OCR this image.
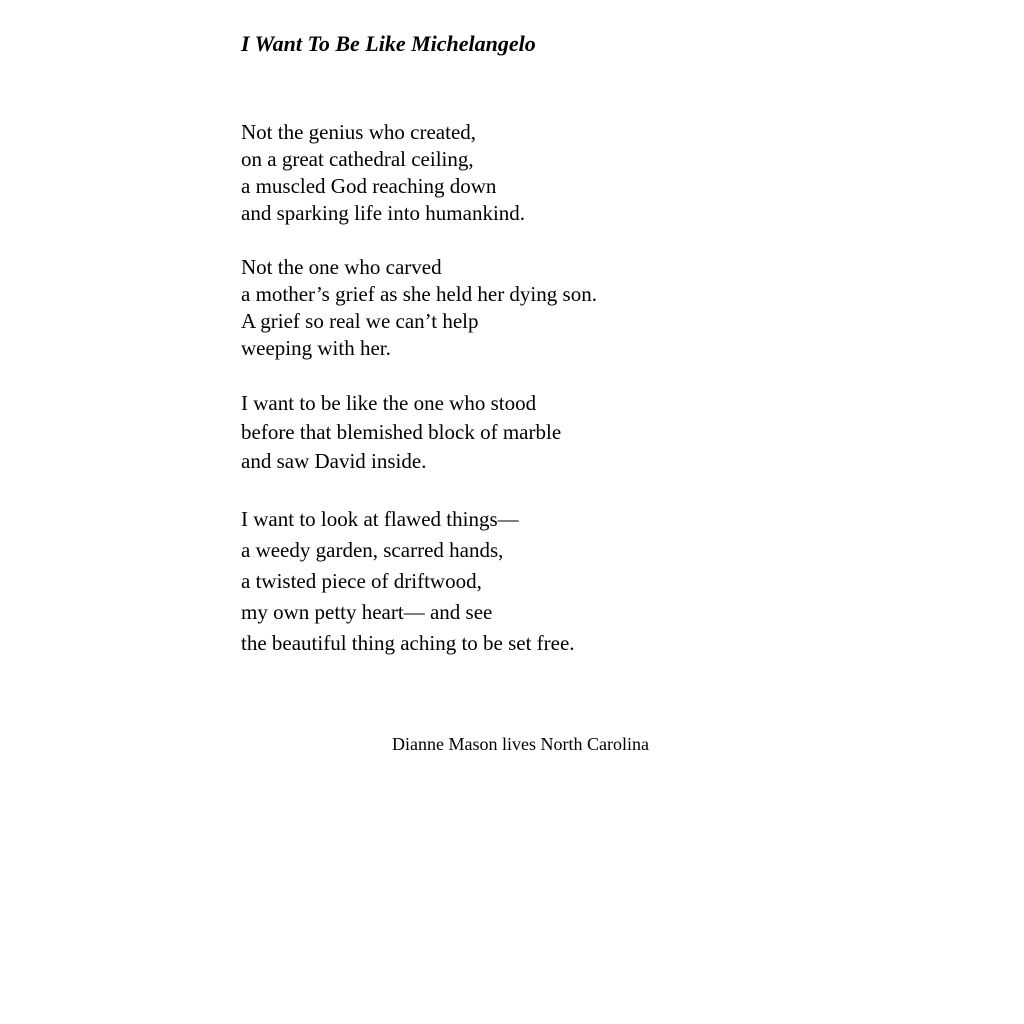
I Want To Be Like Michelangelo
Not the genius who created,
on a great cathedral ceiling,
a muscled God reaching down
and sparking life into humankind.
Not the one who carved
a mother’s grief as she held her dying son.
A grief so real we can’t help
weeping with her.
I want to be like the one who stood
before that blemished block of marble
and saw David inside.
I want to look at flawed things—
a weedy garden, scarred hands,
a twisted piece of driftwood,
my own petty heart— and see
the beautiful thing aching to be set free.

Dianne Mason lives North Carolina
